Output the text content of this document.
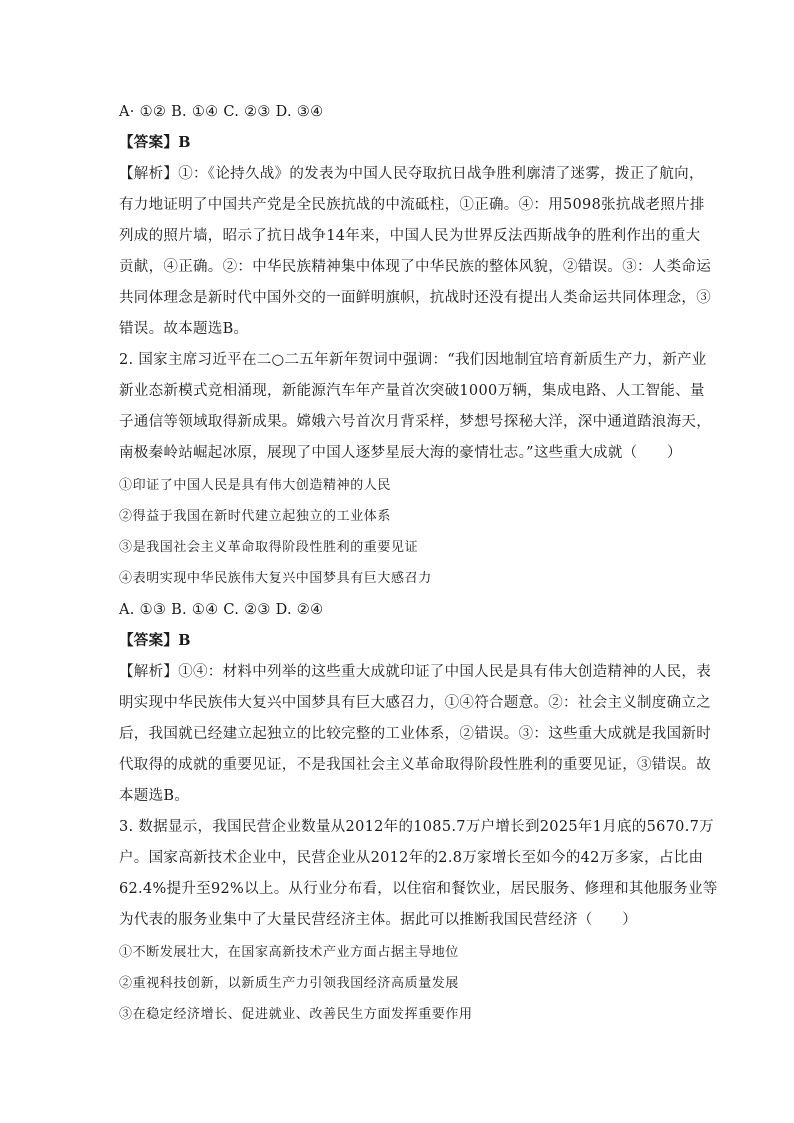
A· ①② B. ①④ C. ②③ D. ③④
【答案】B
【解析】①：《论持久战》的发表为中国人民夺取抗日战争胜利廓清了迷雾，拨正了航向，
有力地证明了中国共产党是全民族抗战的中流砥柱，①正确。④：用5098张抗战老照片排
列成的照片墙，昭示了抗日战争14年来，中国人民为世界反法西斯战争的胜利作出的重大
贡献，④正确。②：中华民族精神集中体现了中华民族的整体风貌，②错误。③：人类命运
共同体理念是新时代中国外交的一面鲜明旗帜，抗战时还没有提出人类命运共同体理念，③
错误。故本题选B。
2. 国家主席习近平在二○二五年新年贺词中强调：“我们因地制宜培育新质生产力，新产业
新业态新模式竞相涌现，新能源汽车年产量首次突破1000万辆，集成电路、人工智能、量
子通信等领域取得新成果。嫦娥六号首次月背采样，梦想号探秘大洋，深中通道踏浪海天，
南极秦岭站崛起冰原，展现了中国人逐梦星辰大海的豪情壮志。”这些重大成就（　　）
①印证了中国人民是具有伟大创造精神的人民
②得益于我国在新时代建立起独立的工业体系
③是我国社会主义革命取得阶段性胜利的重要见证
④表明实现中华民族伟大复兴中国梦具有巨大感召力
A. ①③ B. ①④ C. ②③ D. ②④
【答案】B
【解析】①④：材料中列举的这些重大成就印证了中国人民是具有伟大创造精神的人民，表
明实现中华民族伟大复兴中国梦具有巨大感召力，①④符合题意。②：社会主义制度确立之
后，我国就已经建立起独立的比较完整的工业体系，②错误。③：这些重大成就是我国新时
代取得的成就的重要见证，不是我国社会主义革命取得阶段性胜利的重要见证，③错误。故
本题选B。
3. 数据显示，我国民营企业数量从2012年的1085.7万户增长到2025年1月底的5670.7万
户。国家高新技术企业中，民营企业从2012年的2.8万家增长至如今的42万多家，占比由
62.4%提升至92%以上。从行业分布看，以住宿和餐饮业，居民服务、修理和其他服务业等
为代表的服务业集中了大量民营经济主体。据此可以推断我国民营经济（　　）
①不断发展壮大，在国家高新技术产业方面占据主导地位
②重视科技创新，以新质生产力引领我国经济高质量发展
③在稳定经济增长、促进就业、改善民生方面发挥重要作用
